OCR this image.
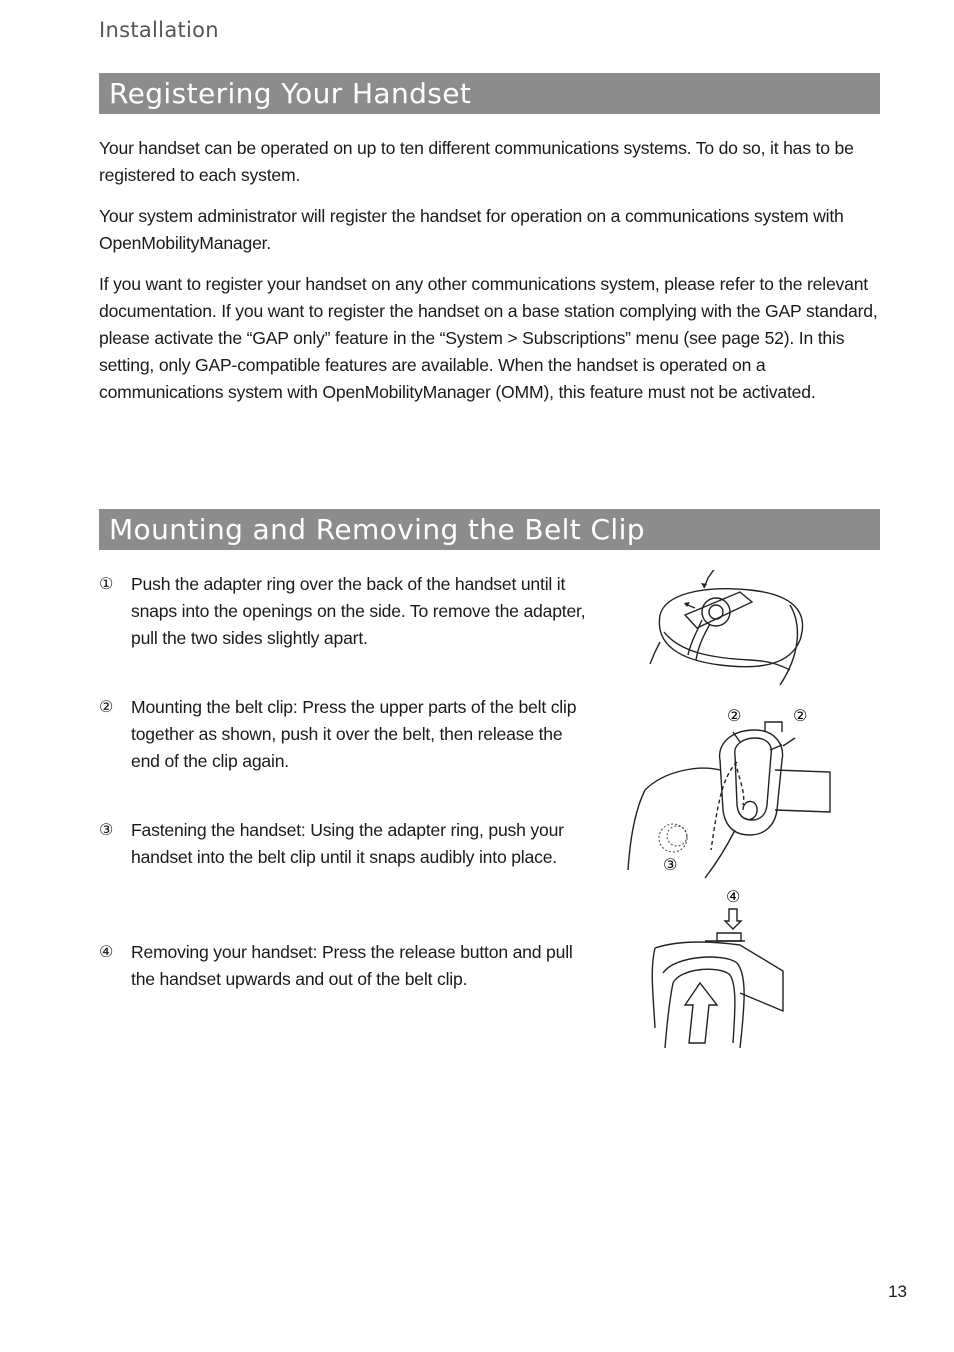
Installation
Registering Your Handset

Your handset can be operated on up to ten different communications systems. To do so, it has to be registered to each system.

Your system administrator will register the handset for operation on a communications system with OpenMobilityManager.

If you want to register your handset on any other communications system, please refer to the relevant documentation. If you want to register the handset on a base station complying with the GAP standard, please activate the “GAP only” feature in the “System > Subscriptions” menu (see page 52). In this setting, only GAP-compatible features are available. When the handset is operated on a communications system with OpenMobilityManager (OMM), this feature must not be activated.

Mounting and Removing the Belt Clip
① Push the adapter ring over the back of the handset until it snaps into the openings on the side. To remove the adapter, pull the two sides slightly apart.
② Mounting the belt clip: Press the upper parts of the belt clip together as shown, push it over the belt, then release the end of the clip again.
③ Fastening the handset: Using the adapter ring, push your handset into the belt clip until it snaps audibly into place.
④ Removing your handset: Press the release button and pull the handset upwards and out of the belt clip.
②	②
③
④
13
